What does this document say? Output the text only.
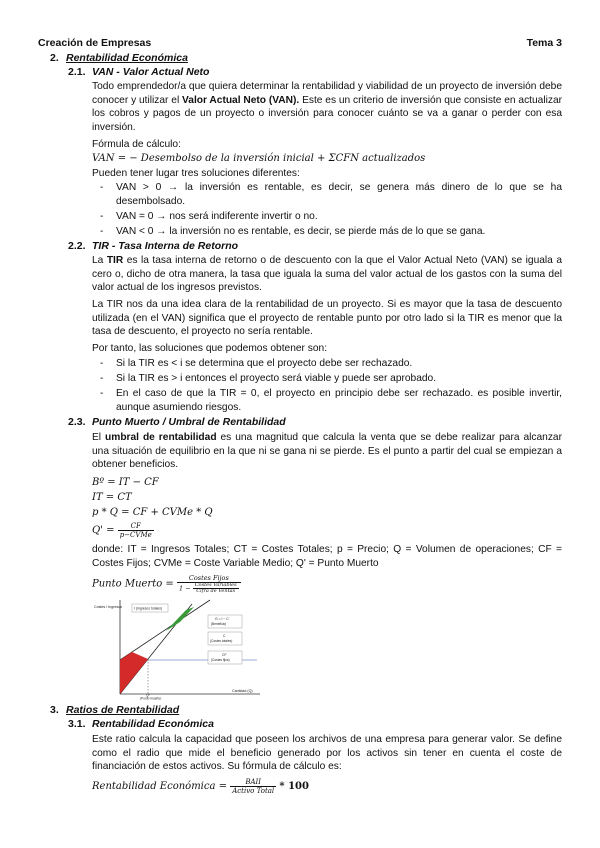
Creación de Empresas	Tema 3
2. Rentabilidad Económica
2.1. VAN - Valor Actual Neto
Todo emprendedor/a que quiera determinar la rentabilidad y viabilidad de un proyecto de inversión debe conocer y utilizar el Valor Actual Neto (VAN). Este es un criterio de inversión que consiste en actualizar los cobros y pagos de un proyecto o inversión para conocer cuánto se va a ganar o perder con esa inversión.
Fórmula de cálculo:
VAN = − Desembolso de la inversión inicial + ΣCFN actualizados
Pueden tener lugar tres soluciones diferentes:
- VAN > 0 → la inversión es rentable, es decir, se genera más dinero de lo que se ha desembolsado.
- VAN = 0 → nos será indiferente invertir o no.
- VAN < 0 → la inversión no es rentable, es decir, se pierde más de lo que se gana.
2.2. TIR - Tasa Interna de Retorno
La TIR es la tasa interna de retorno o de descuento con la que el Valor Actual Neto (VAN) se iguala a cero o, dicho de otra manera, la tasa que iguala la suma del valor actual de los gastos con la suma del valor actual de los ingresos previstos.
La TIR nos da una idea clara de la rentabilidad de un proyecto. Si es mayor que la tasa de descuento utilizada (en el VAN) significa que el proyecto de rentable punto por otro lado si la TIR es menor que la tasa de descuento, el proyecto no sería rentable.
Por tanto, las soluciones que podemos obtener son:
- Si la TIR es < i se determina que el proyecto debe ser rechazado.
- Si la TIR es > i entonces el proyecto será viable y puede ser aprobado.
- En el caso de que la TIR = 0, el proyecto en principio debe ser rechazado. es posible invertir, aunque asumiendo riesgos.
2.3. Punto Muerto / Umbral de Rentabilidad
El umbral de rentabilidad es una magnitud que calcula la venta que se debe realizar para alcanzar una situación de equilibrio en la que ni se gana ni se pierde. Es el punto a partir del cual se empiezan a obtener beneficios.
Bº = IT − CF
IT = CT
p * Q = CF + CVMe * Q
$Q' = \frac{CF}{\text{p−CVMe}}$
donde: IT = Ingresos Totales; CT = Costes Totales; p = Precio; Q = Volumen de operaciones; CF = Costes Fijos; CVMe = Coste Variable Medio; Q' = Punto Muerto
Punto Muerto = $\frac{\text{Costes Fijos}}{1 - \frac{\text{Costes Variables}}{\text{Cifra de Ventas}}}$
Costes / Ingresos
Cantidad (Q)
I (Ingresos totales)
G = I − C
(Beneficio)
C
(Costes totales)
CF
(Costes fijos)
Q*
(Punto muerto)
3. Ratios de Rentabilidad
3.1. Rentabilidad Económica
Este ratio calcula la capacidad que poseen los archivos de una empresa para generar valor. Se define como el radio que mide el beneficio generado por los activos sin tener en cuenta el coste de financiación de estos activos. Su fórmula de cálculo es:
Rentabilidad Económica = $\frac{\text{BAII}}{\text{Activo Total}} * 100$
